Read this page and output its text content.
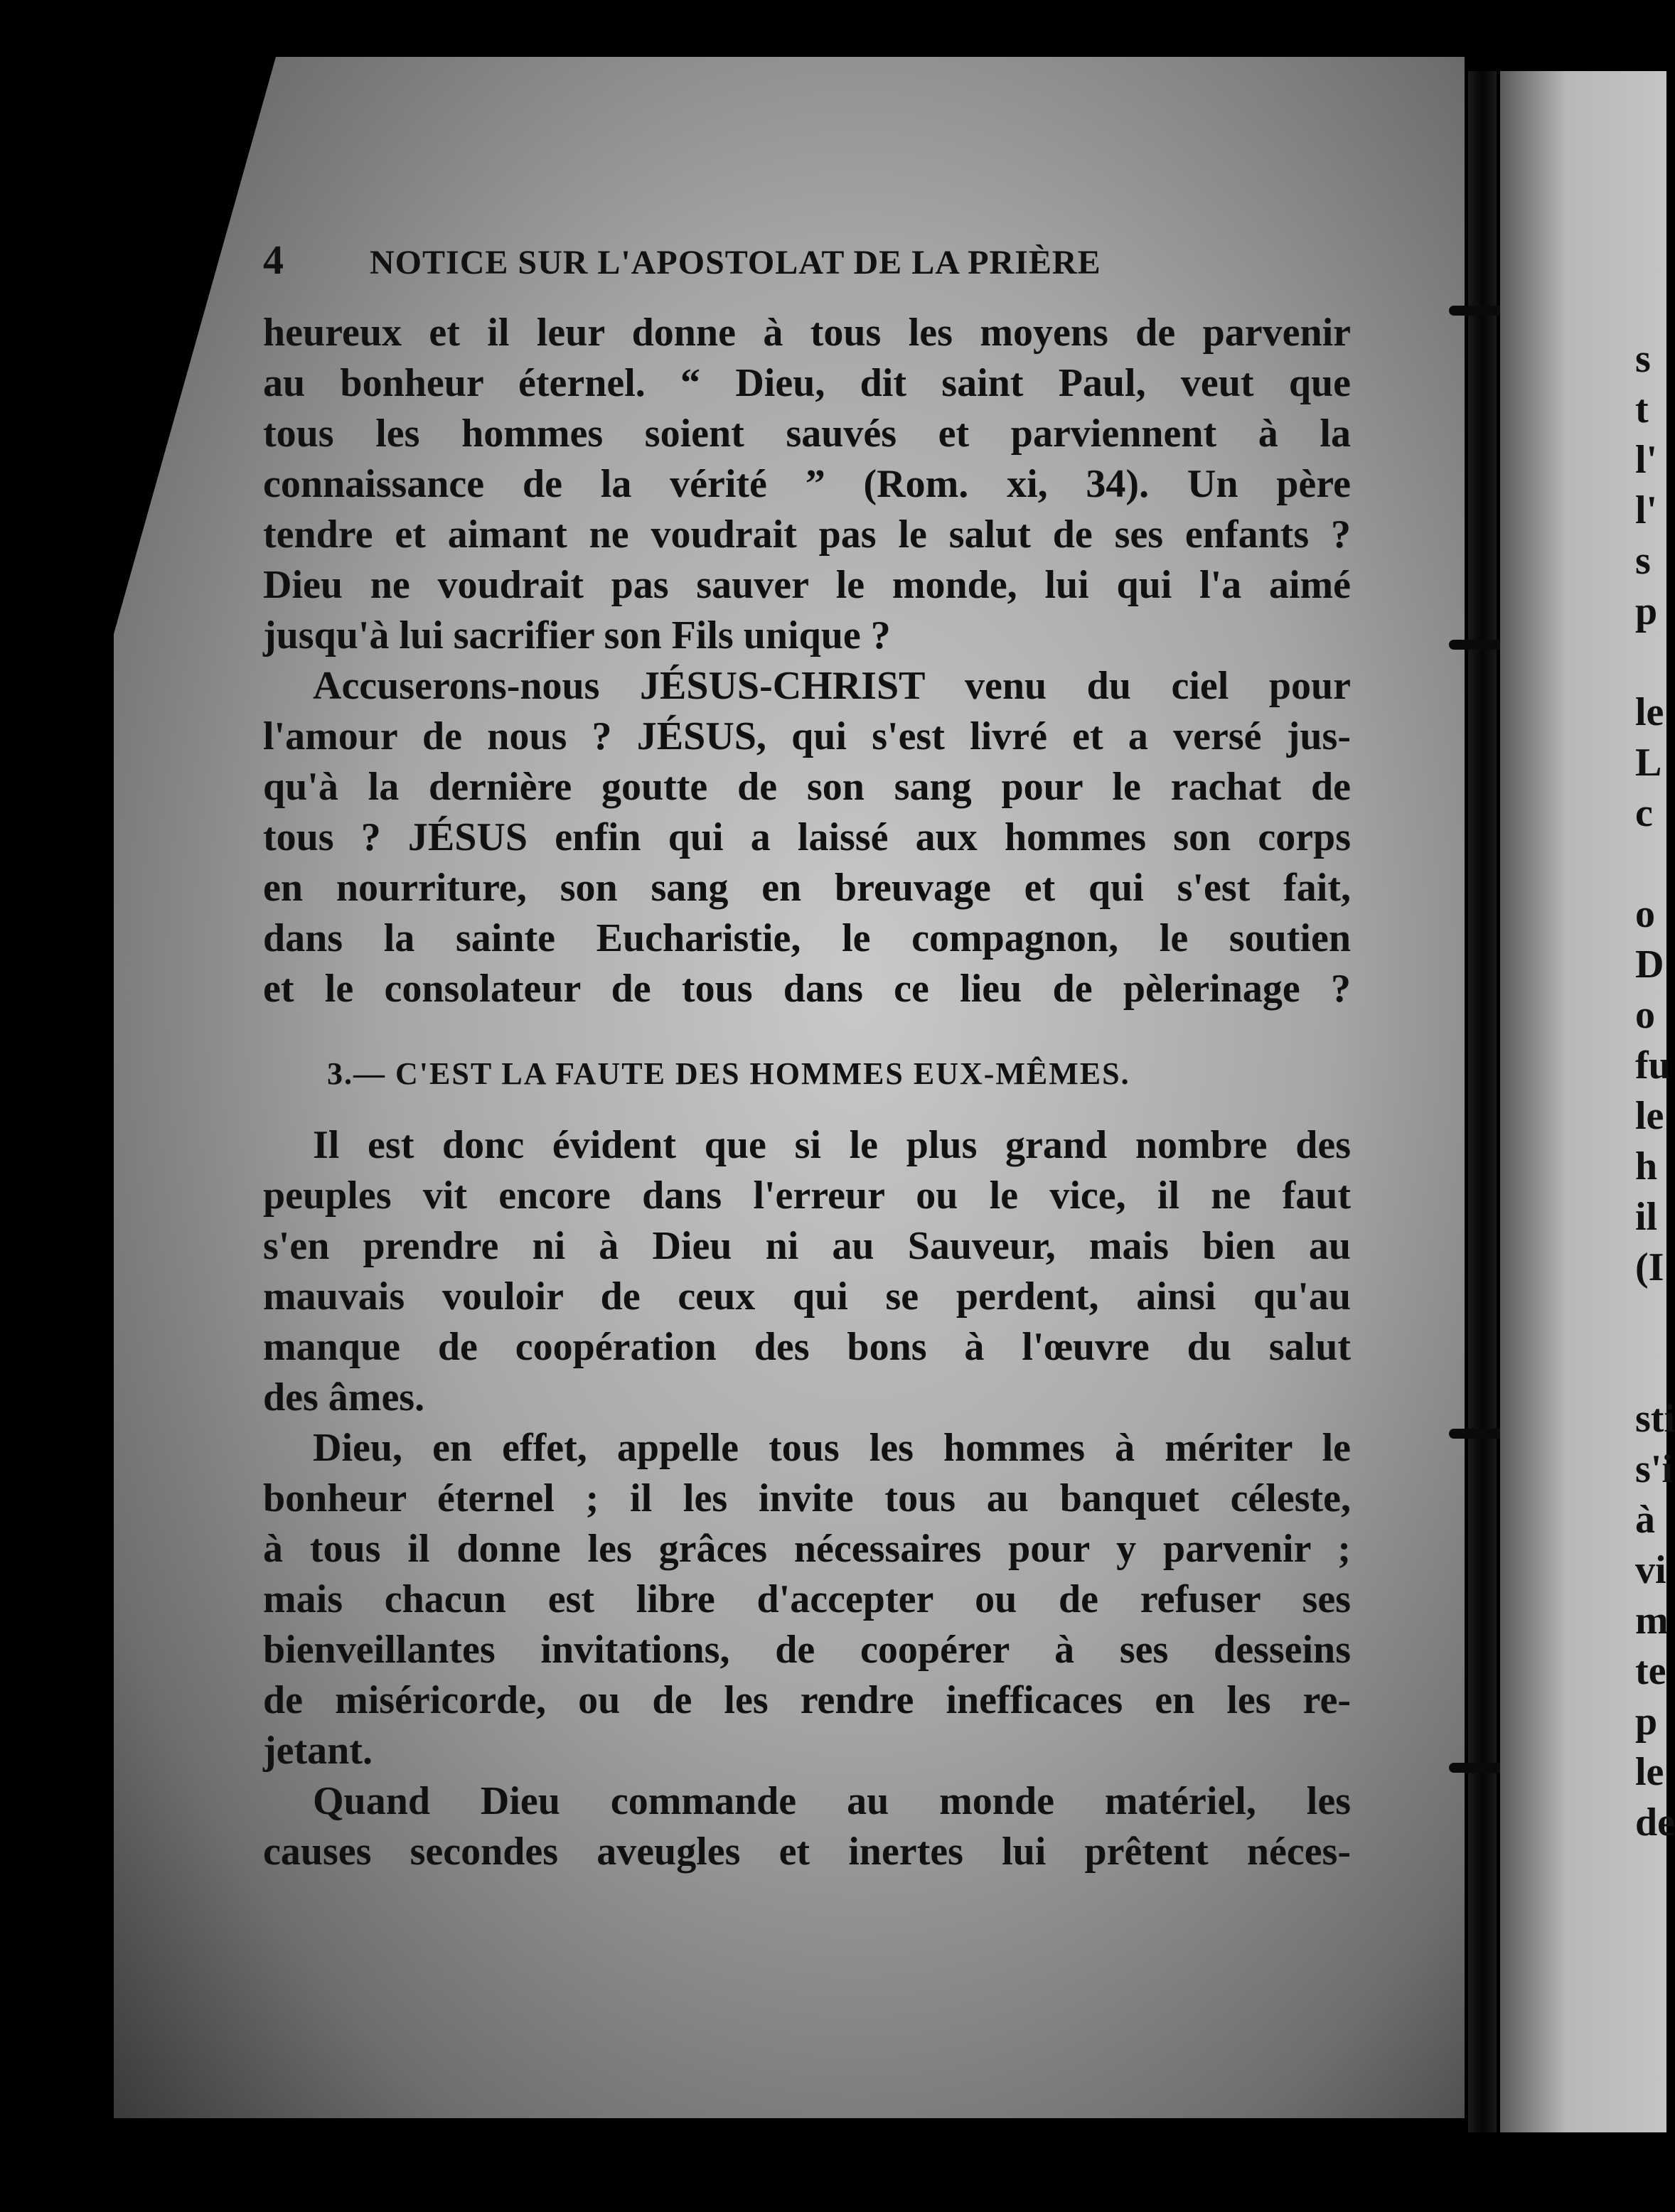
4	NOTICE SUR L'APOSTOLAT DE LA PRIÈRE
heureux et il leur donne à tous les moyens de parvenir
au bonheur éternel. “ Dieu, dit saint Paul, veut que
tous les hommes soient sauvés et parviennent à la
connaissance de la vérité ” (Rom. xi, 34). Un père
tendre et aimant ne voudrait pas le salut de ses enfants ?
Dieu ne voudrait pas sauver le monde, lui qui l'a aimé
jusqu'à lui sacrifier son Fils unique ?
Accuserons-nous JÉSUS-CHRIST venu du ciel pour
l'amour de nous ? JÉSUS, qui s'est livré et a versé jus-
qu'à la dernière goutte de son sang pour le rachat de
tous ? JÉSUS enfin qui a laissé aux hommes son corps
en nourriture, son sang en breuvage et qui s'est fait,
dans la sainte Eucharistie, le compagnon, le soutien
et le consolateur de tous dans ce lieu de pèlerinage ?
3.— C'EST LA FAUTE DES HOMMES EUX-MÊMES.
Il est donc évident que si le plus grand nombre des
peuples vit encore dans l'erreur ou le vice, il ne faut
s'en prendre ni à Dieu ni au Sauveur, mais bien au
mauvais vouloir de ceux qui se perdent, ainsi qu'au
manque de coopération des bons à l'œuvre du salut
des âmes.
Dieu, en effet, appelle tous les hommes à mériter le
bonheur éternel ; il les invite tous au banquet céleste,
à tous il donne les grâces nécessaires pour y parvenir ;
mais chacun est libre d'accepter ou de refuser ses
bienveillantes invitations, de coopérer à ses desseins
de miséricorde, ou de les rendre inefficaces en les re-
jetant.
Quand Dieu commande au monde matériel, les
causes secondes aveugles et inertes lui prêtent néces-
s
t
l'
l'
s
p

le
L
c

o
D
o
fu
le
h
il
(I

sti
s'i
à
vi
m
te
p
le
de
